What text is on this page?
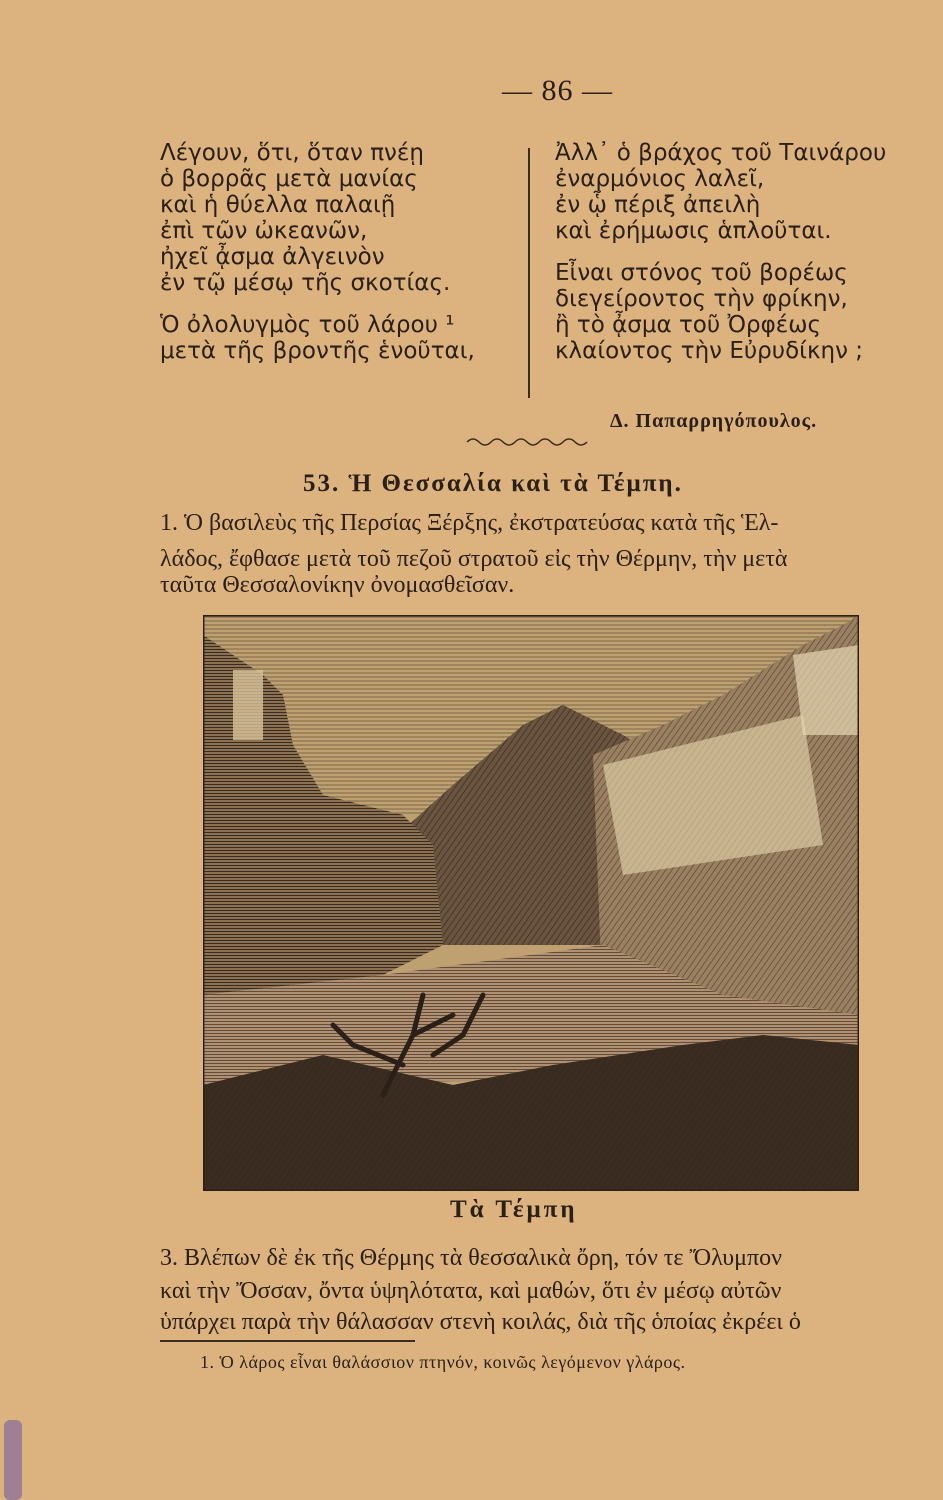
— 86 —

Λέγουν, ὅτι, ὅταν πνέῃ

ὁ βορρᾶς μετὰ μανίας

καὶ ἡ θύελλα παλαιῇ

ἐπὶ τῶν ὠκεανῶν,

ἠχεῖ ᾆσμα ἀλγεινὸν

ἐν τῷ μέσῳ τῆς σκοτίας.

Ὁ ὀλολυγμὸς τοῦ λάρου ¹

μετὰ τῆς βροντῆς ἑνοῦται,

Ἀλλ᾽ ὁ βράχος τοῦ Ταινάρου

ἐναρμόνιος λαλεῖ,

ἐν ᾧ πέριξ ἀπειλὴ

καὶ ἐρήμωσις ἁπλοῦται.

Εἶναι στόνος τοῦ βορέως

διεγείροντος τὴν φρίκην,

ἢ τὸ ᾆσμα τοῦ Ὀρφέως

κλαίοντος τὴν Εὐρυδίκην ;

Δ. Παπαρρηγόπουλος.
53. Ἡ Θεσσαλία καὶ τὰ Τέμπη.
1. Ὁ βασιλεὺς τῆς Περσίας Ξέρξης, ἐκστρατεύσας κατὰ τῆς Ἑλ-
λάδος, ἔφθασε μετὰ τοῦ πεζοῦ στρατοῦ εἰς τὴν Θέρμην, τὴν μετὰ
ταῦτα Θεσσαλονίκην ὀνομασθεῖσαν.
Τὰ Τέμπη
3. Βλέπων δὲ ἐκ τῆς Θέρμης τὰ θεσσαλικὰ ὄρη, τόν τε Ὄλυμπον
καὶ τὴν Ὄσσαν, ὄντα ὑψηλότατα, καὶ μαθών, ὅτι ἐν μέσῳ αὐτῶν
ὑπάρχει παρὰ τὴν θάλασσαν στενὴ κοιλάς, διὰ τῆς ὁποίας ἐκρέει ὁ
1. Ὁ λάρος εἶναι θαλάσσιον πτηνόν, κοινῶς λεγόμενον γλάρος.
